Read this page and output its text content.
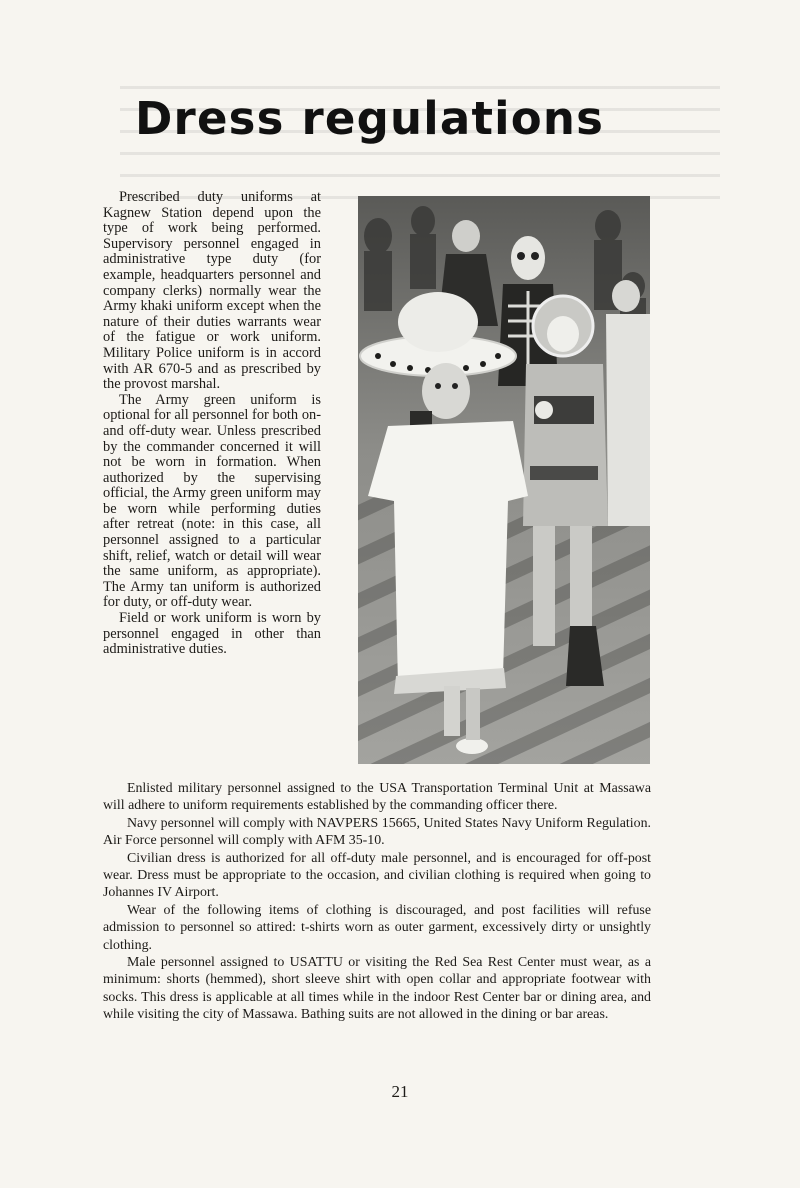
Dress regulations

Prescribed duty uniforms at Kagnew Station depend upon the type of work being performed. Supervisory personnel engaged in administrative type duty (for example, headquarters personnel and company clerks) normally wear the Army khaki uniform except when the nature of their duties warrants wear of the fatigue or work uniform. Military Police uniform is in accord with AR 670-5 and as prescribed by the provost marshal.

The Army green uniform is optional for all personnel for both on- and off-duty wear. Unless prescribed by the commander concerned it will not be worn in formation. When authorized by the supervising official, the Army green uniform may be worn while performing duties after retreat (note: in this case, all personnel assigned to a particular shift, relief, watch or detail will wear the same uniform, as appropriate). The Army tan uniform is authorized for duty, or off-duty wear.

Field or work uniform is worn by personnel engaged in other than administrative duties.

Enlisted military personnel assigned to the USA Transportation Terminal Unit at Massawa will adhere to uniform requirements established by the commanding officer there.

Navy personnel will comply with NAVPERS 15665, United States Navy Uniform Regulation. Air Force personnel will comply with AFM 35-10.

Civilian dress is authorized for all off-duty male personnel, and is encouraged for off-post wear. Dress must be appropriate to the occasion, and civilian clothing is required when going to Johannes IV Airport.

Wear of the following items of clothing is discouraged, and post facilities will refuse admission to personnel so attired: t-shirts worn as outer garment, excessively dirty or unsightly clothing.

Male personnel assigned to USATTU or visiting the Red Sea Rest Center must wear, as a minimum: shorts (hemmed), short sleeve shirt with open collar and appropriate footwear with socks. This dress is applicable at all times while in the indoor Rest Center bar or dining area, and while visiting the city of Massawa. Bathing suits are not allowed in the dining or bar areas.

21
